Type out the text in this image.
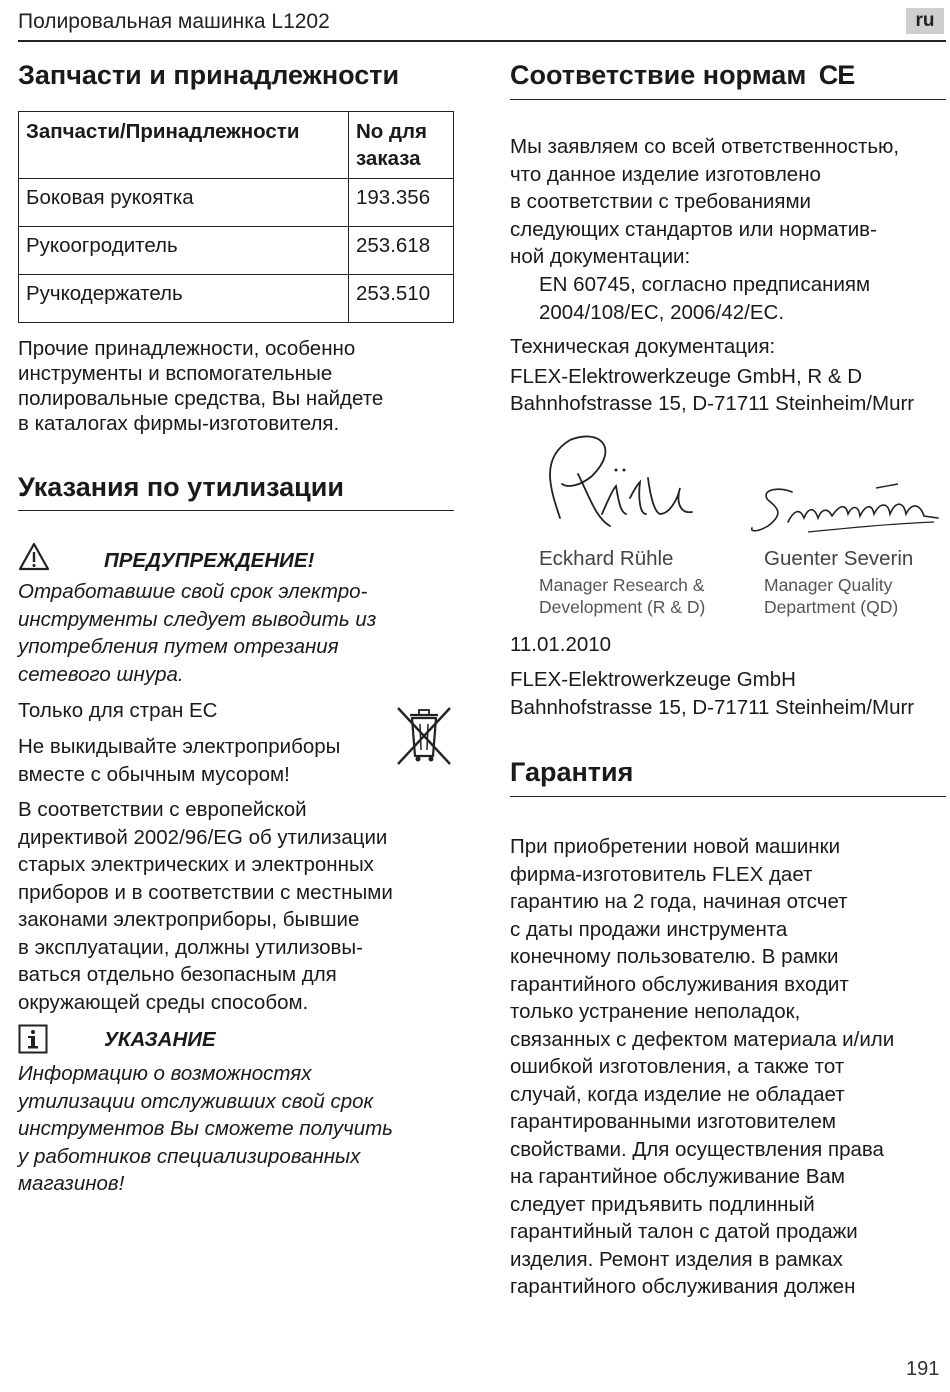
Полировальная машинка L1202	ru
Запчасти и принадлежности
Запчасти/Принадлежности	No для
заказа
Боковая рукоятка	193.356
Рукоогродитель	253.618
Ручкодержатель	253.510
Прочие принадлежности, особенно
инструменты и вспомогательные
полировальные средства, Вы найдете
в каталогах фирмы-изготовителя.
Указания по утилизации
ПРЕДУПРЕЖДЕНИЕ!
Отработавшие свой срок электро-
инструменты следует выводить из
употребления путем отрезания
сетевого шнура.
Только для стран ЕС
Не выкидывайте электроприборы
вместе с обычным мусором!
В соответствии с европейской
директивой 2002/96/EG об утилизации
старых электрических и электронных
приборов и в соответствии с местными
законами электроприборы, бывшие
в эксплуатации, должны утилизовы-
ваться отдельно безопасным для
окружающей среды способом.
УКАЗАНИЕ
Информацию о возможностях
утилизации отслуживших свой срок
инструментов Вы сможете получить
у работников специализированных
магазинов!
Соответствие нормам CE
Мы заявляем со всей ответственностью,
что данное изделие изготовлено
в соответствии с требованиями
следующих стандартов или норматив-
ной документации:
EN 60745, согласно предписаниям
2004/108/EC, 2006/42/EC.
Техническая документация:
FLEX-Elektrowerkzeuge GmbH, R & D
Bahnhofstrasse 15, D-71711 Steinheim/Murr
Eckhard Rühle
Manager Research &
Development (R & D)
Guenter Severin
Manager Quality
Department (QD)
11.01.2010
FLEX-Elektrowerkzeuge GmbH
Bahnhofstrasse 15, D-71711 Steinheim/Murr
Гарантия
При приобретении новой машинки
фирма-изготовитель FLEX дает
гарантию на 2 года, начиная отсчет
с даты продажи инструмента
конечному пользователю. В рамки
гарантийного обслуживания входит
только устранение неполадок,
связанных с дефектом материала и/или
ошибкой изготовления, а также тот
случай, когда изделие не обладает
гарантированными изготовителем
свойствами. Для осуществления права
на гарантийное обслуживание Вам
следует придъявить подлинный
гарантийный талон с датой продажи
изделия. Ремонт изделия в рамках
гарантийного обслуживания должен
191
